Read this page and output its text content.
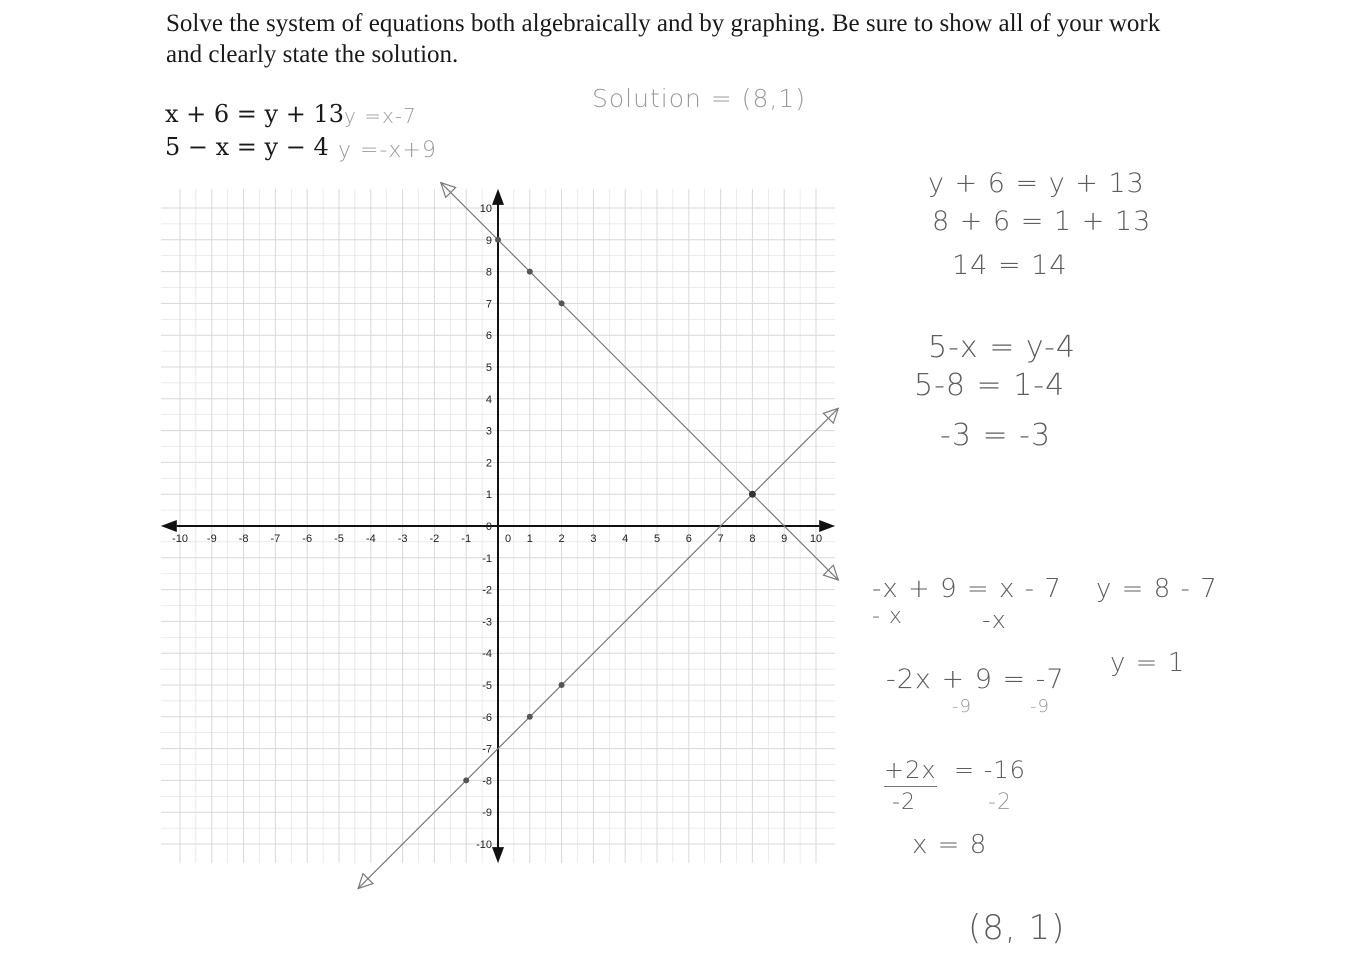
Solve the system of equations both algebraically and by graphing. Be sure to show all of your work and clearly state the solution.

x + 6 = y + 13
5 − x = y − 4
y =x-7
y =-x+9
Solution = (8,1)
y + 6 = y + 13
8 + 6 = 1 + 13
14 = 14
5-x = y-4
5-8 = 1-4
-3 = -3
-x + 9 = x - 7
- x	-x
-2x + 9 = -7
-9	-9
+2x = -16
-2	-2
x = 8
y = 8 - 7
y = 1
(8, 1)
-10 -9 -8 -7 -6 -5 -4 -3 -2 -1	0 1 2 3 4 5 6 7 8 9 10
10
9
8
7
6
5
4
3
2
1
0
-1
-2
-3
-4
-5
-6
-7
-8
-9
-10
